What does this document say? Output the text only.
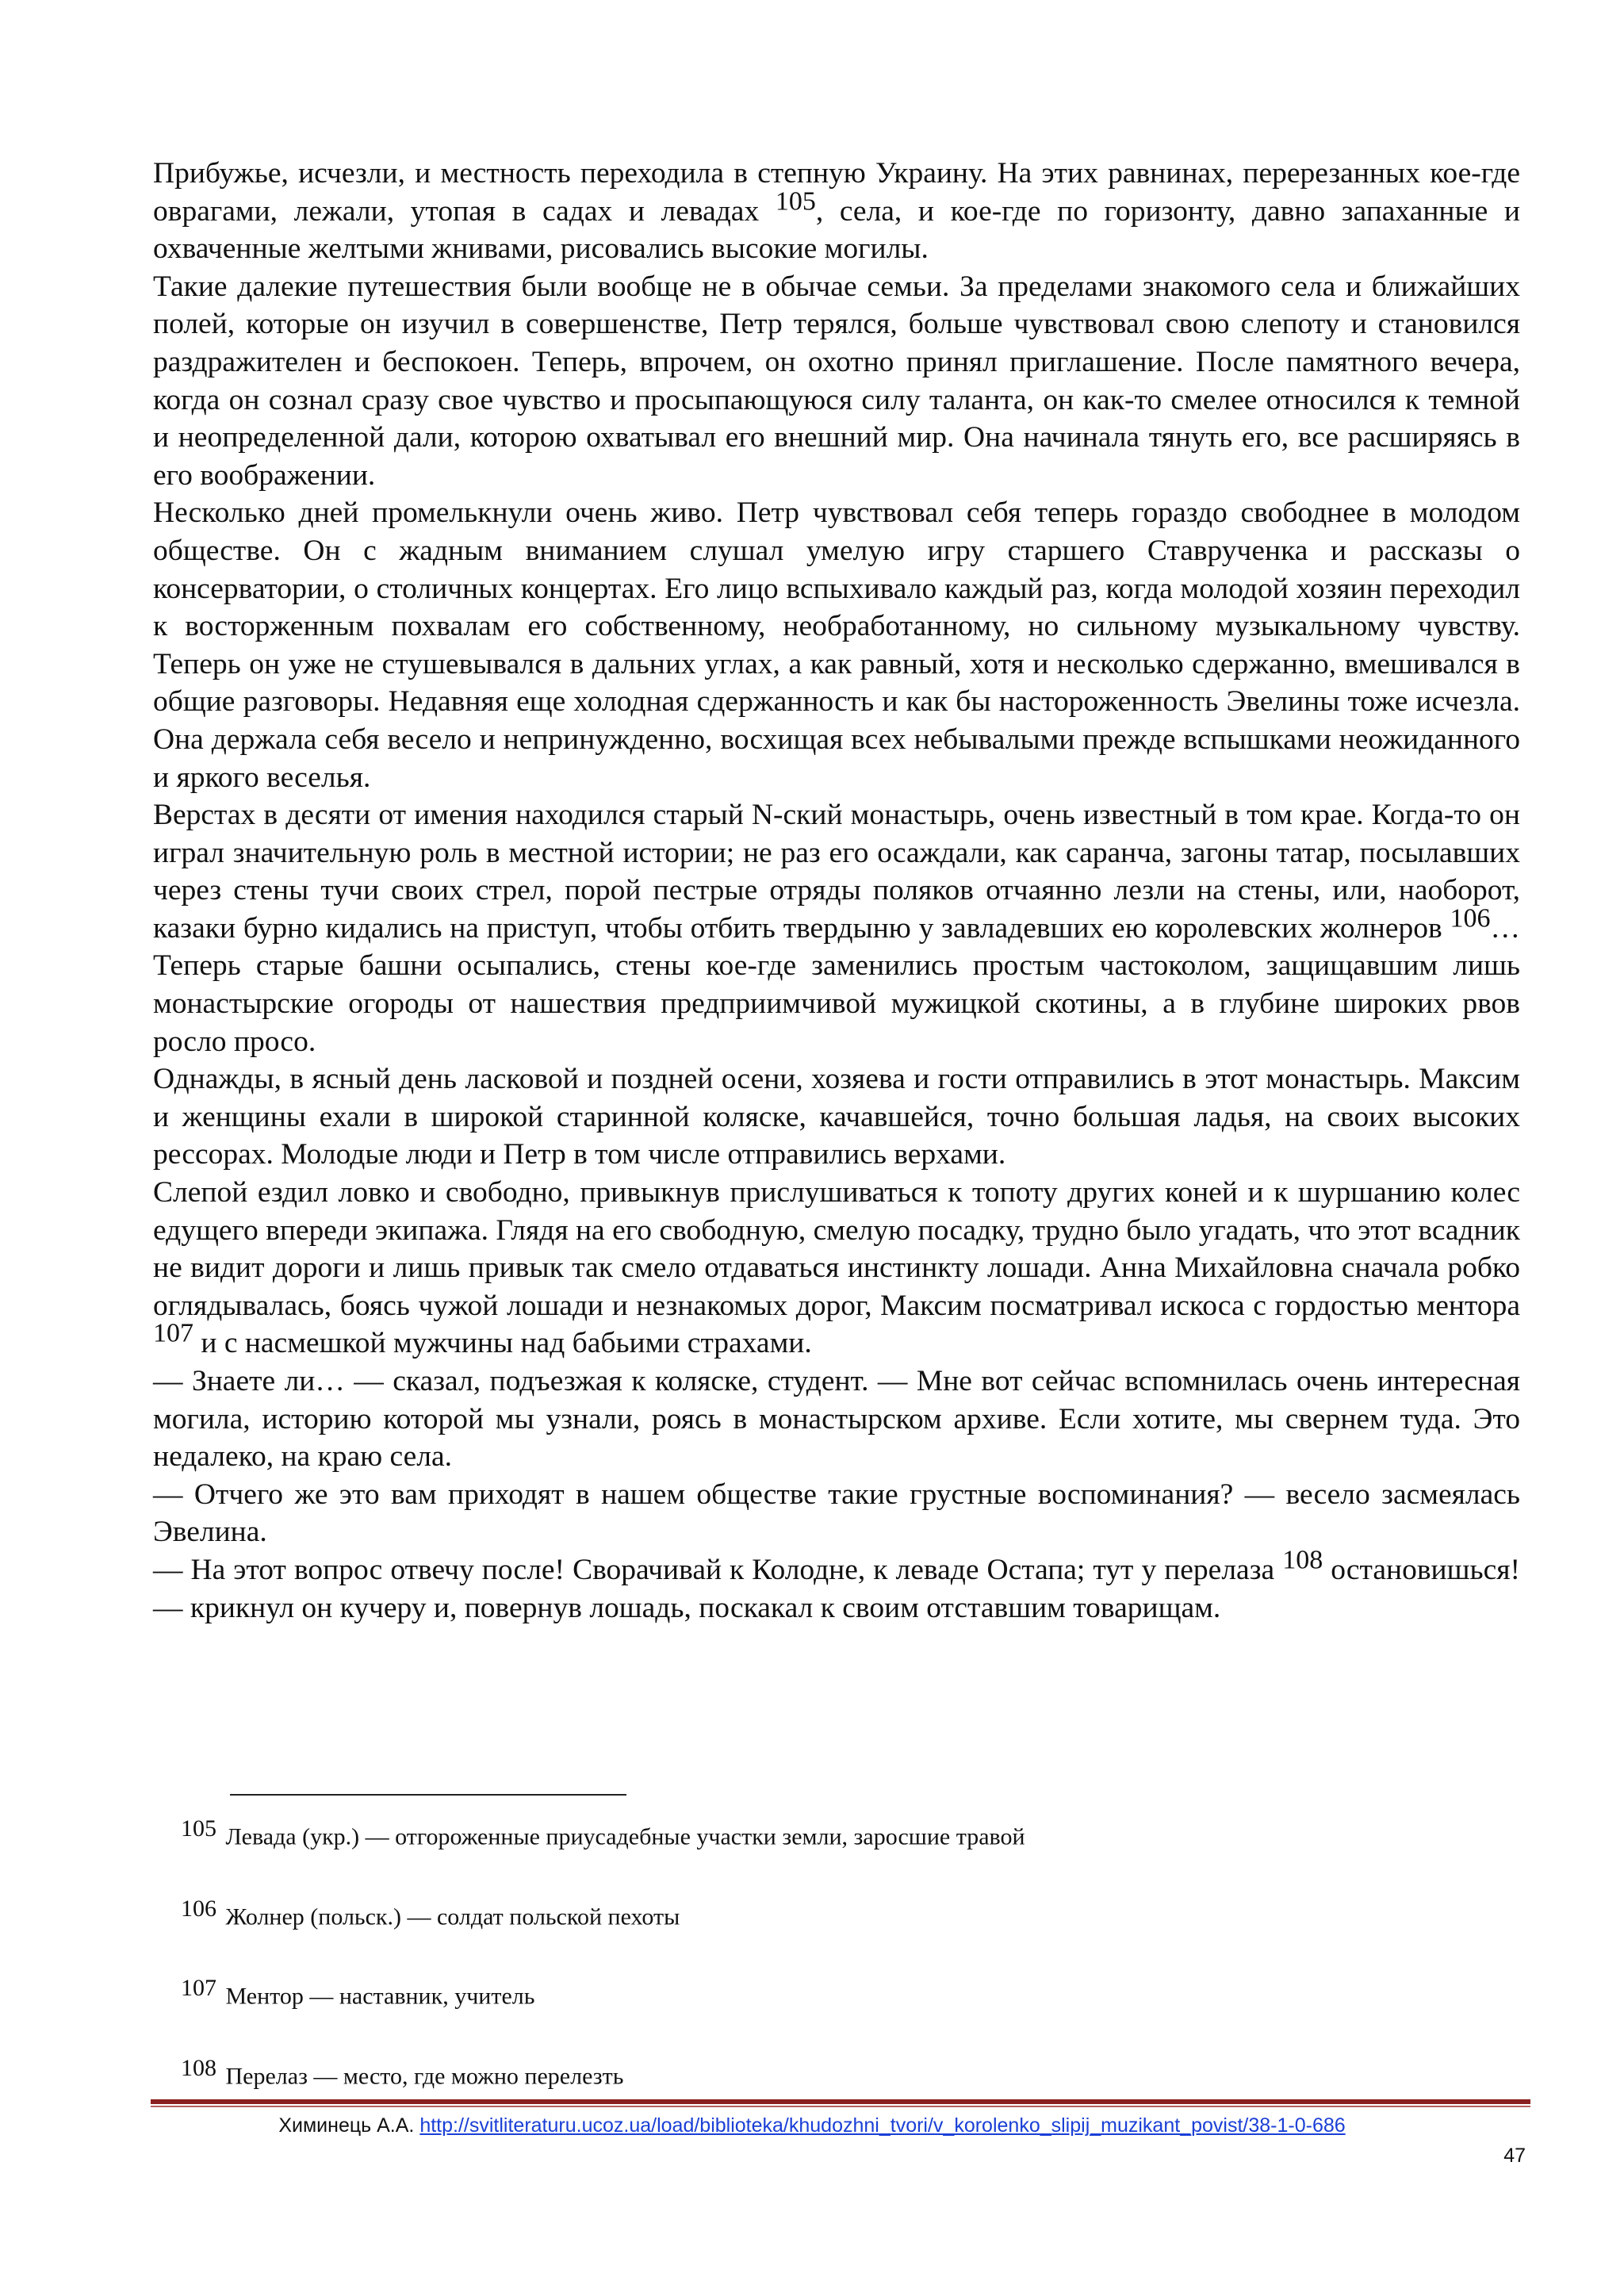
Прибужье, исчезли, и местность переходила в степную Украину. На этих равнинах, перерезанных кое-где оврагами, лежали, утопая в садах и левадах $^{105}$, села, и кое-где по горизонту, давно запаханные и охваченные желтыми жнивами, рисовались высокие могилы.

Такие далекие путешествия были вообще не в обычае семьи. За пределами знакомого села и ближайших полей, которые он изучил в совершенстве, Петр терялся, больше чувствовал свою слепоту и становился раздражителен и беспокоен. Теперь, впрочем, он охотно принял приглашение. После памятного вечера, когда он сознал сразу свое чувство и просыпающуюся силу таланта, он как-то смелее относился к темной и неопределенной дали, которою охватывал его внешний мир. Она начинала тянуть его, все расширяясь в его воображении.

Несколько дней промелькнули очень живо. Петр чувствовал себя теперь гораздо свободнее в молодом обществе. Он с жадным вниманием слушал умелую игру старшего Ставрученка и рассказы о консерватории, о столичных концертах. Его лицо вспыхивало каждый раз, когда молодой хозяин переходил к восторженным похвалам его собственному, необработанному, но сильному музыкальному чувству. Теперь он уже не стушевывался в дальних углах, а как равный, хотя и несколько сдержанно, вмешивался в общие разговоры. Недавняя еще холодная сдержанность и как бы настороженность Эвелины тоже исчезла. Она держала себя весело и непринужденно, восхищая всех небывалыми прежде вспышками неожиданного и яркого веселья.

Верстах в десяти от имения находился старый N-ский монастырь, очень известный в том крае. Когда-то он играл значительную роль в местной истории; не раз его осаждали, как саранча, загоны татар, посылавших через стены тучи своих стрел, порой пестрые отряды поляков отчаянно лезли на стены, или, наоборот, казаки бурно кидались на приступ, чтобы отбить твердыню у завладевших ею королевских жолнеров $^{106}$… Теперь старые башни осыпались, стены кое-где заменились простым частоколом, защищавшим лишь монастырские огороды от нашествия предприимчивой мужицкой скотины, а в глубине широких рвов росло просо.

Однажды, в ясный день ласковой и поздней осени, хозяева и гости отправились в этот монастырь. Максим и женщины ехали в широкой старинной коляске, качавшейся, точно большая ладья, на своих высоких рессорах. Молодые люди и Петр в том числе отправились верхами.

Слепой ездил ловко и свободно, привыкнув прислушиваться к топоту других коней и к шуршанию колес едущего впереди экипажа. Глядя на его свободную, смелую посадку, трудно было угадать, что этот всадник не видит дороги и лишь привык так смело отдаваться инстинкту лошади. Анна Михайловна сначала робко оглядывалась, боясь чужой лошади и незнакомых дорог, Максим посматривал искоса с гордостью ментора $^{107}$ и с насмешкой мужчины над бабьими страхами.

— Знаете ли… — сказал, подъезжая к коляске, студент. — Мне вот сейчас вспомнилась очень интересная могила, историю которой мы узнали, роясь в монастырском архиве. Если хотите, мы свернем туда. Это недалеко, на краю села.

— Отчего же это вам приходят в нашем обществе такие грустные воспоминания? — весело засмеялась Эвелина.

— На этот вопрос отвечу после! Сворачивай к Колодне, к леваде Остапа; тут у перелаза $^{108}$ остановишься! — крикнул он кучеру и, повернув лошадь, поскакал к своим отставшим товарищам.

105 Левада (укр.) — отгороженные приусадебные участки земли, заросшие травой

106 Жолнер (польск.) — солдат польской пехоты

107 Ментор — наставник, учитель

108 Перелаз — место, где можно перелезть

Химинець А.А. http://svitliteraturu.ucoz.ua/load/biblioteka/khudozhni_tvori/v_korolenko_slipij_muzikant_povist/38-1-0-686
47
